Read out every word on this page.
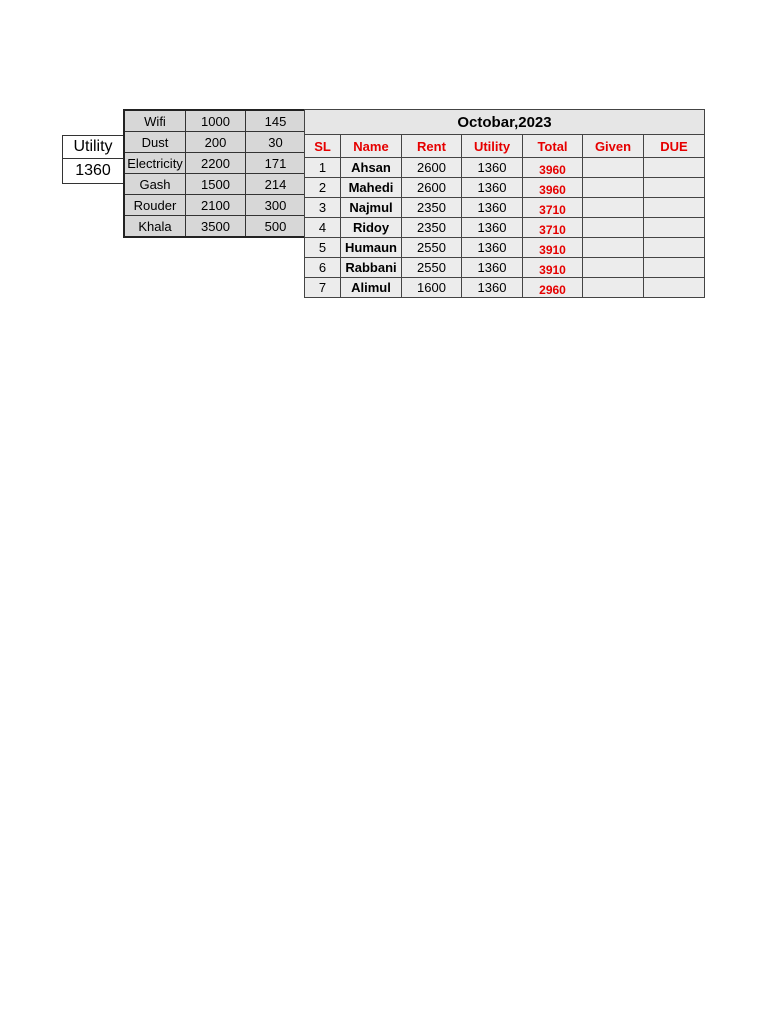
Utility
1360
Wifi	1000	145
Dust	200	30
Electricity	2200	171
Gash	1500	214
Rouder	2100	300
Khala	3500	500
Octobar,2023						
SL	Name	Rent	Utility	Total	Given	DUE
1	Ahsan	2600	1360	3960		
2	Mahedi	2600	1360	3960		
3	Najmul	2350	1360	3710		
4	Ridoy	2350	1360	3710		
5	Humaun	2550	1360	3910		
6	Rabbani	2550	1360	3910		
7	Alimul	1600	1360	2960		
